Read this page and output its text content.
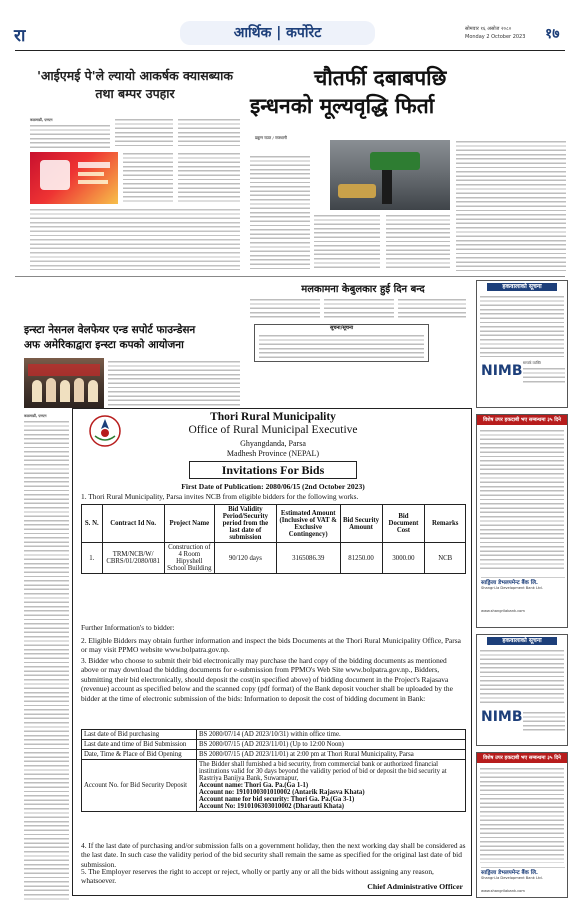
रा	आर्थिक | कर्पोरेट	सोमवार १६ असोज २०८०
Monday 2 October 2023 १७
'आईएमई पे'ले ल्यायो आकर्षक क्यासब्याक तथा बम्पर उपहार
काठमाडौं, एमएन
चौतर्फी दबाबपछि
इन्धनको मूल्यवृद्धि फिर्ता
प्रद्युम्न राउत / राजधानी
मलकामना केबुलकार हुई दिन बन्द
सूचना/सूचना
इन्स्टा नेसनल वेलफेयर एन्ड सपोर्ट फाउन्डेसन
अफ अमेरिकाद्वारा इन्स्टा कपको आयोजना
काठमाडौं, एमएन	Thori Rural Municipality
Office of Rural Municipal Executive
Ghyangdanda, Parsa
Madhesh Province (NEPAL)
Invitations For Bids
First Date of Publication: 2080/06/15 (2nd October 2023)
1. Thori Rural Municipality, Parsa invites NCB from eligible bidders for the following works.
S. N.	Contract Id No.	Project Name	Bid Validity Period/Security period from the last date of submission	Estimated Amount (Inclusive of VAT & Exclusive Contingency)	Bid Security Amount	Bid Document Cost	Remarks
1.	TRM/NCB/W/ CBRS/01/2080/081	Construction of 4 Room Hipyshell School Building	90/120 days	3165086.39	81250.00	3000.00	NCB
Further Information's to bidder:
2. Eligible Bidders may obtain further information and inspect the bids Documents at the Thori Rural Municipality Office, Parsa or may visit PPMO website www.bolpatra.gov.np.
3. Bidder who choose to submit their bid electronically may purchase the hard copy of the bidding documents as mentioned above or may download the bidding documents for e-submission from PPMO's Web Site www.bolpatra.gov.np., Bidders, submitting their bid electronically, should deposit the cost(in specified above) of bidding document in the Project's Rajasava (revenue) account as specified below and the scanned copy (pdf format) of the Bank deposit voucher shall be uploaded by the bidder at the time of electronic submission of the bids: Information to deposit the cost of bidding document in Bank:
Last date of Bid purchasing	BS 2080/07/14 (AD 2023/10/31) within office time.
Last date and time of Bid Submission	BS 2080/07/15 (AD 2023/11/01) (Up to 12:00 Noon)
Date, Time & Place of Bid Opening	BS 2080/07/15 (AD 2023/11/01) at 2:00 pm at Thori Rural Municipality, Parsa
Account No. for Bid Security Deposit	The Bidder shall furnished a bid security, from commercial bank or authorized financial institutions valid for 30 days beyond the validity period of bid or deposit the bid security at Rastriya Banijya Bank, Suwarnapur,
Account name: Thori Ga. Pa.(Ga 1-1)
Account no: 1910100301010002 (Antarik Rajasva Khata)
Account name for bid security: Thori Ga. Pa.(Ga 3-1)
Account No: 1910106303010002 (Dharauti Khata)
4. If the last date of purchasing and/or submission falls on a government holiday, then the next working day shall be considered as the last date. In such case the validity period of the bid security shall remain the same as specified for the original last date of bid submission.
5. The Employer reserves the right to accept or reject, wholly or partly any or all the bids without assigning any reason, whatsoever.
Chief Administrative Officer
हकवालाको सूचना
NIMB सम्पर्क व्यक्ति
विशेष उपर हकदाबी भए सम्बन्धमा ३५ दिने
साङ्रिला डेभलपमेन्ट बैंक लि.
Shangri-la Development Bank Ltd.
www.shangrilabank.com
हकवालाको सूचना
NIMB
विशेष उपर हकदाबी भए सम्बन्धमा ३५ दिने
साङ्रिला डेभलपमेन्ट बैंक लि.
Shangri-la Development Bank Ltd.
www.shangrilabank.com
